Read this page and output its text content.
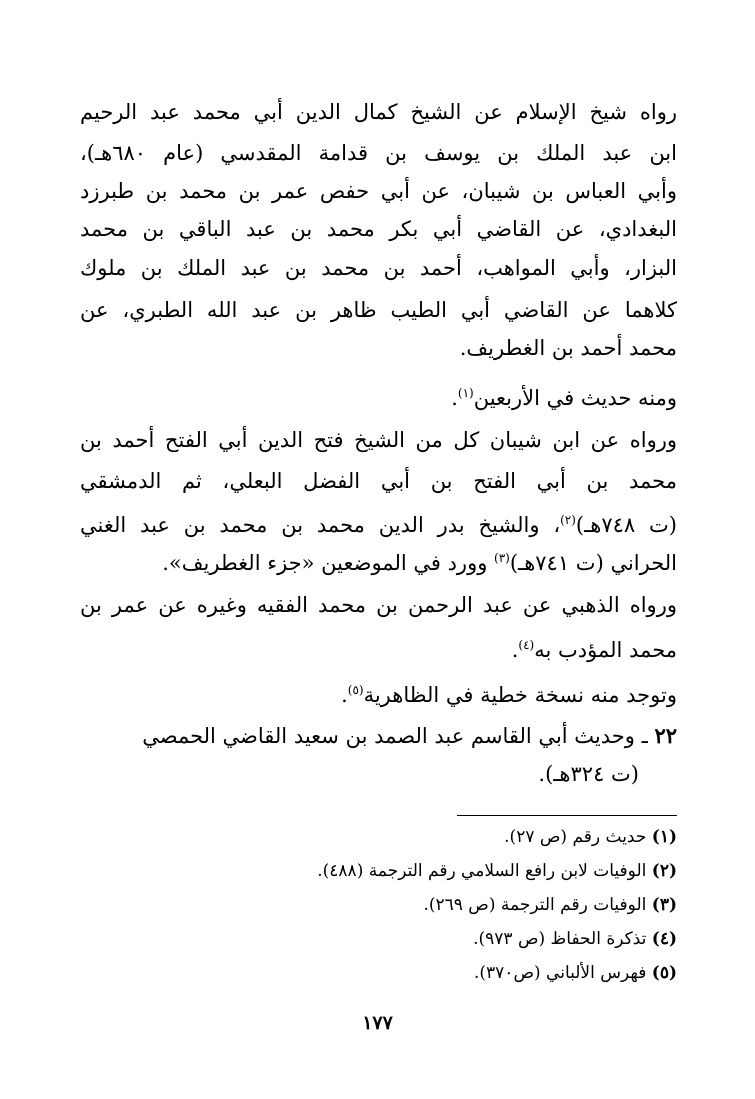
رواه شيخ الإسلام عن الشيخ كمال الدين أبي محمد عبد الرحيم
ابن عبد الملك بن يوسف بن قدامة المقدسي (عام ٦٨٠هـ)،
وأبي العباس بن شيبان، عن أبي حفص عمر بن محمد بن طبرزد
البغدادي، عن القاضي أبي بكر محمد بن عبد الباقي بن محمد
البزار، وأبي المواهب، أحمد بن محمد بن عبد الملك بن ملوك
كلاهما عن القاضي أبي الطيب ظاهر بن عبد الله الطبري، عن
محمد أحمد بن الغطريف.
ومنه حديث في الأربعين$^{(١)}$.
ورواه عن ابن شيبان كل من الشيخ فتح الدين أبي الفتح أحمد بن
محمد بن أبي الفتح بن أبي الفضل البعلي، ثم الدمشقي
(ت ٧٤٨هـ)$^{(٢)}$، والشيخ بدر الدين محمد بن محمد بن عبد الغني
الحراني (ت ٧٤١هـ)$^{(٣)}$ وورد في الموضعين «جزء الغطريف».
ورواه الذهبي عن عبد الرحمن بن محمد الفقيه وغيره عن عمر بن
محمد المؤدب به$^{(٤)}$.
وتوجد منه نسخة خطية في الظاهرية$^{(٥)}$.
٢٢ ـ وحديث أبي القاسم عبد الصمد بن سعيد القاضي الحمصي
(ت ٣٢٤هـ).
(١) حديث رقم (ص ٢٧).
(٢) الوفيات لابن رافع السلامي رقم الترجمة (٤٨٨).
(٣) الوفيات رقم الترجمة (ص ٢٦٩).
(٤) تذكرة الحفاظ (ص ٩٧٣).
(٥) فهرس الألباني (ص٣٧٠).
١٧٧
